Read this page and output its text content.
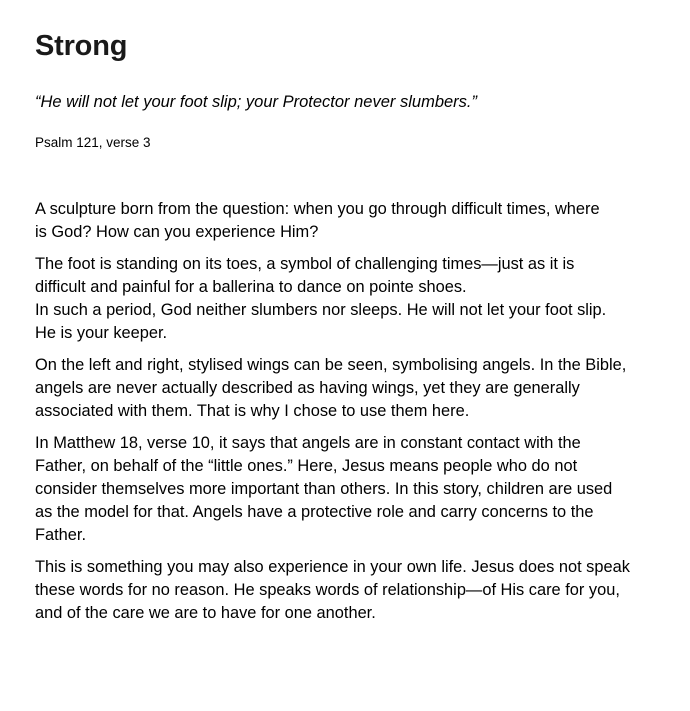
Strong

“He will not let your foot slip; your Protector never slumbers.”

Psalm 121, verse 3

A sculpture born from the question: when you go through difficult times, where
is God? How can you experience Him?

The foot is standing on its toes, a symbol of challenging times—just as it is
difficult and painful for a ballerina to dance on pointe shoes.
In such a period, God neither slumbers nor sleeps. He will not let your foot slip.
He is your keeper.

On the left and right, stylised wings can be seen, symbolising angels. In the Bible,
angels are never actually described as having wings, yet they are generally
associated with them. That is why I chose to use them here.

In Matthew 18, verse 10, it says that angels are in constant contact with the
Father, on behalf of the “little ones.” Here, Jesus means people who do not
consider themselves more important than others. In this story, children are used
as the model for that. Angels have a protective role and carry concerns to the
Father.

This is something you may also experience in your own life. Jesus does not speak
these words for no reason. He speaks words of relationship—of His care for you,
and of the care we are to have for one another.
